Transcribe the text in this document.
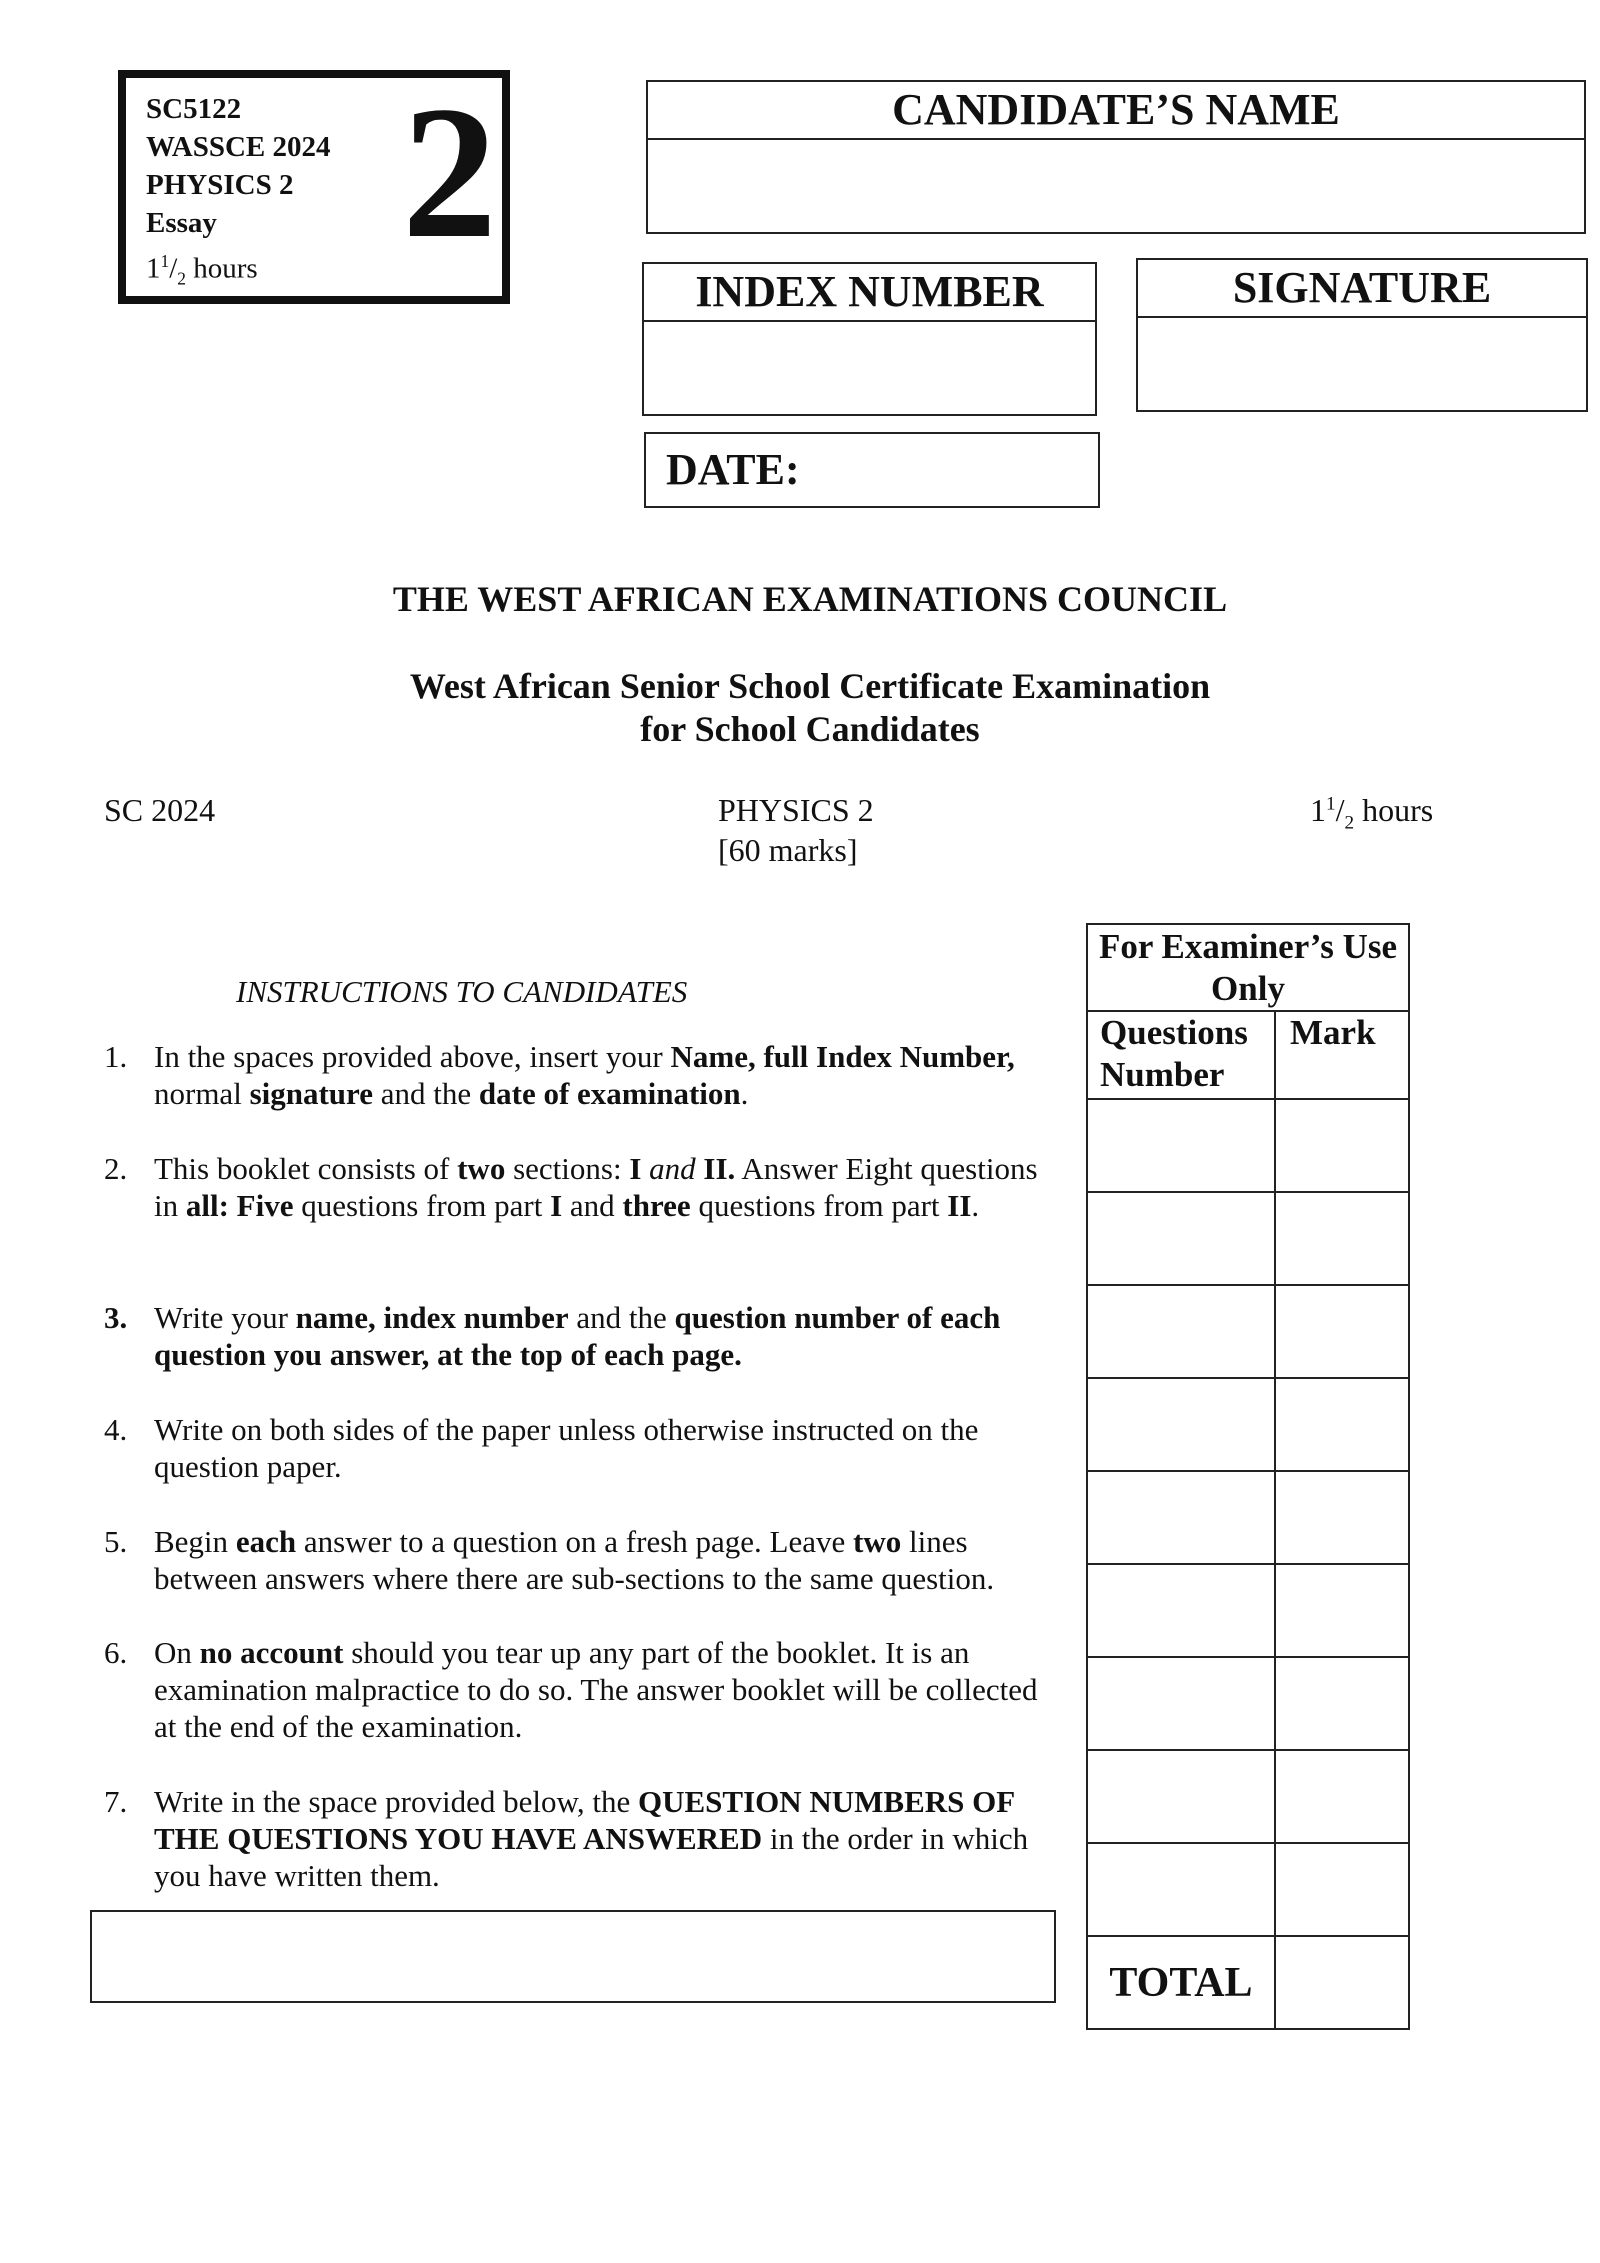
SC5122
WASSCE 2024
PHYSICS 2
Essay
$1^1/_2$ hours 2	CANDIDATE’S NAME
INDEX NUMBER	SIGNATURE
DATE:
THE WEST AFRICAN EXAMINATIONS COUNCIL
West African Senior School Certificate Examination
for School Candidates
SC 2024	PHYSICS 2
[60 marks]
$1^1/_2$ hours
INSTRUCTIONS TO CANDIDATES
1. In the spaces provided above, insert your Name, full Index Number, normal signature and the date of examination.
2. This booklet consists of two sections: I and II. Answer Eight questions in all: Five questions from part I and three questions from part II.
3. Write your name, index number and the question number of each question you answer, at the top of each page.
4. Write on both sides of the paper unless otherwise instructed on the question paper.
5. Begin each answer to a question on a fresh page. Leave two lines between answers where there are sub-sections to the same question.
6. On no account should you tear up any part of the booklet. It is an examination malpractice to do so. The answer booklet will be collected at the end of the examination.
7. Write in the space provided below, the QUESTION NUMBERS OF THE QUESTIONS YOU HAVE ANSWERED in the order in which you have written them.
For Examiner’s Use Only	
Questions Number	Mark

TOTAL	
